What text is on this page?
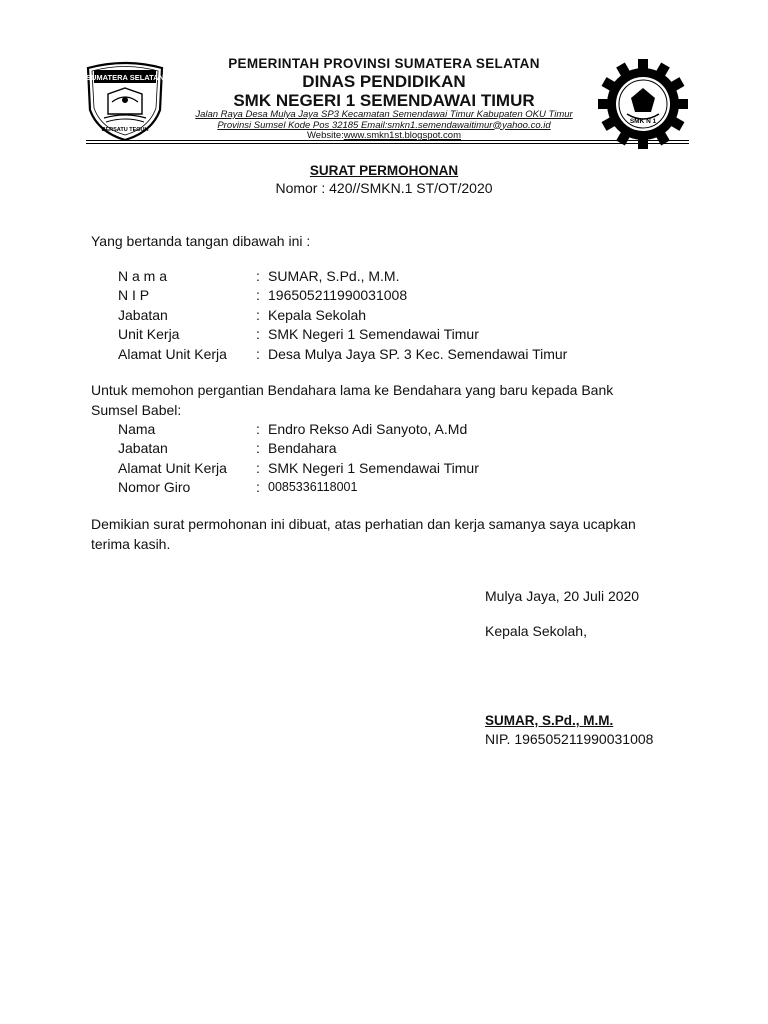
SUMATERA SELATAN
BERSATU TEGUH
PEMERINTAH PROVINSI SUMATERA SELATAN
DINAS PENDIDIKAN
SMK NEGERI 1 SEMENDAWAI TIMUR
Jalan Raya Desa Mulya Jaya SP3 Kecamatan Semendawai Timur Kabupaten OKU Timur
Provinsi Sumsel Kode Pos 32185 Email:smkn1.semendawaitimur@yahoo.co.id
Website:www.smkn1st.blogspot.com
SMK N 1
SURAT PERMOHONAN
Nomor : 420//SMKN.1 ST/OT/2020
Yang bertanda tangan dibawah ini :
N a m a	:	SUMAR, S.Pd., M.M.
N I P	:	196505211990031008
Jabatan	:	Kepala Sekolah
Unit Kerja	:	SMK Negeri 1 Semendawai Timur
Alamat Unit Kerja	:	Desa Mulya Jaya SP. 3 Kec. Semendawai Timur
Untuk memohon pergantian Bendahara lama ke Bendahara yang baru kepada Bank
Sumsel Babel:
Nama	:	Endro Rekso Adi Sanyoto, A.Md
Jabatan	:	Bendahara
Alamat Unit Kerja	:	SMK Negeri 1 Semendawai Timur
Nomor Giro	:	0085336118001
Demikian surat permohonan ini dibuat, atas perhatian dan kerja samanya saya ucapkan
terima kasih.
Mulya Jaya, 20 Juli 2020
Kepala Sekolah,
SUMAR, S.Pd., M.M.
NIP. 196505211990031008
